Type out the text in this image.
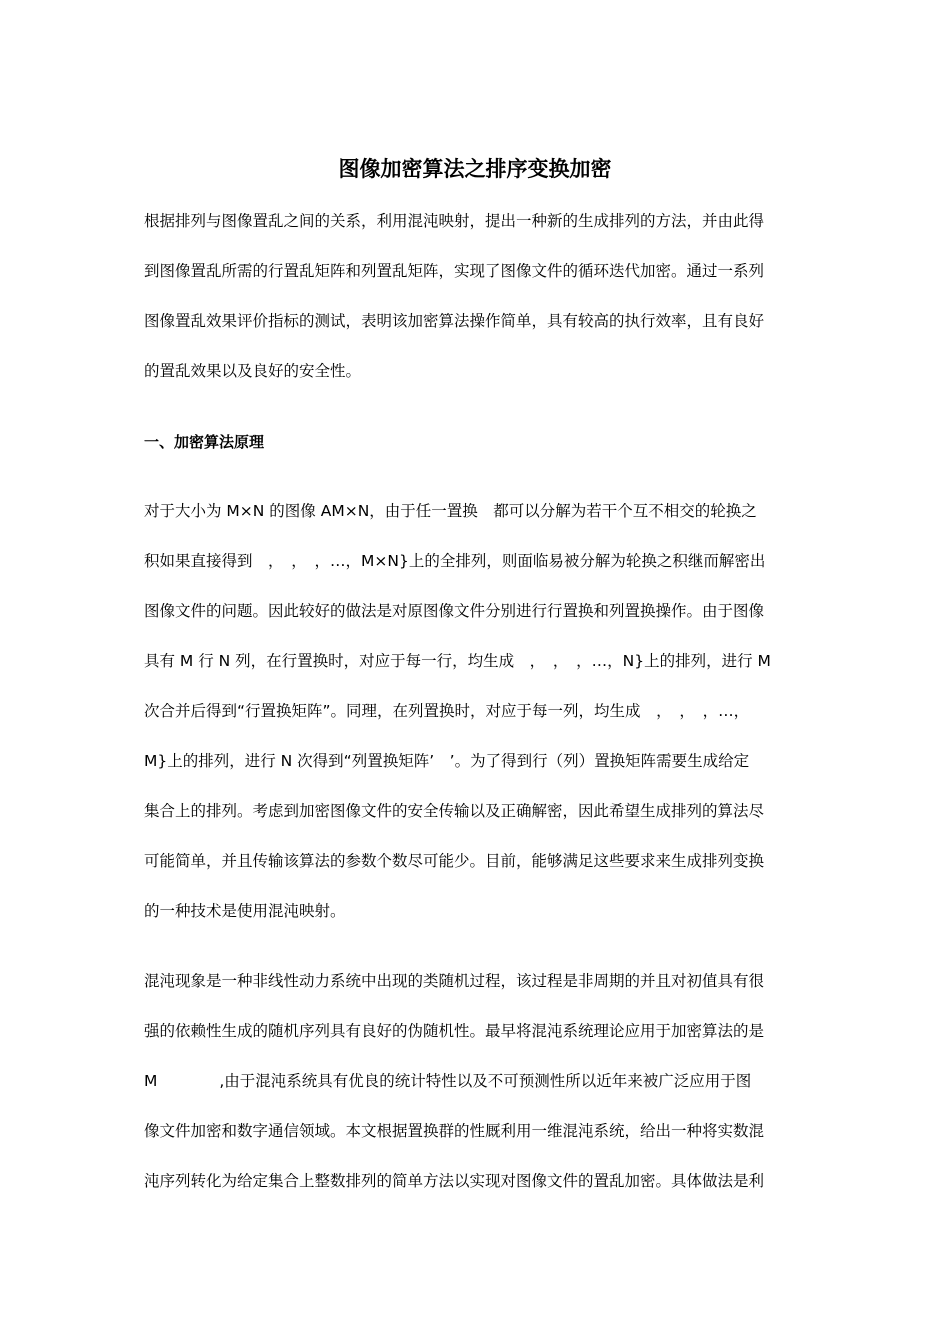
图像加密算法之排序变换加密
根据排列与图像置乱之间的关系，利用混沌映射，提出一种新的生成排列的方法，并由此得
到图像置乱所需的行置乱矩阵和列置乱矩阵，实现了图像文件的循环迭代加密。通过一系列
图像置乱效果评价指标的测试，表明该加密算法操作简单，具有较高的执行效率，且有良好
的置乱效果以及良好的安全性。
一、加密算法原理
对于大小为 M×N 的图像 AM×N，由于任一置换　都可以分解为若干个互不相交的轮换之
积如果直接得到　，　，　，…，M×N}上的全排列，则面临易被分解为轮换之积继而解密出
图像文件的问题。因此较好的做法是对原图像文件分别进行行置换和列置换操作。由于图像
具有 M 行 N 列，在行置换时，对应于每一行，均生成　，　，　，…，N}上的排列，进行 M
次合并后得到“行置换矩阵”。同理，在列置换时，对应于每一列，均生成　，　，　，…，
M}上的排列，进行 N 次得到“列置换矩阵’　’。为了得到行（列）置换矩阵需要生成给定
集合上的排列。考虑到加密图像文件的安全传输以及正确解密，因此希望生成排列的算法尽
可能简单，并且传输该算法的参数个数尽可能少。目前，能够满足这些要求来生成排列变换
的一种技术是使用混沌映射。
混沌现象是一种非线性动力系统中出现的类随机过程，该过程是非周期的并且对初值具有很
强的依赖性生成的随机序列具有良好的伪随机性。最早将混沌系统理论应用于加密算法的是
M　　　　,由于混沌系统具有优良的统计特性以及不可预测性所以近年来被广泛应用于图
像文件加密和数字通信领域。本文根据置换群的性厩利用一维混沌系统，给出一种将实数混
沌序列转化为给定集合上整数排列的简单方法以实现对图像文件的置乱加密。具体做法是利
